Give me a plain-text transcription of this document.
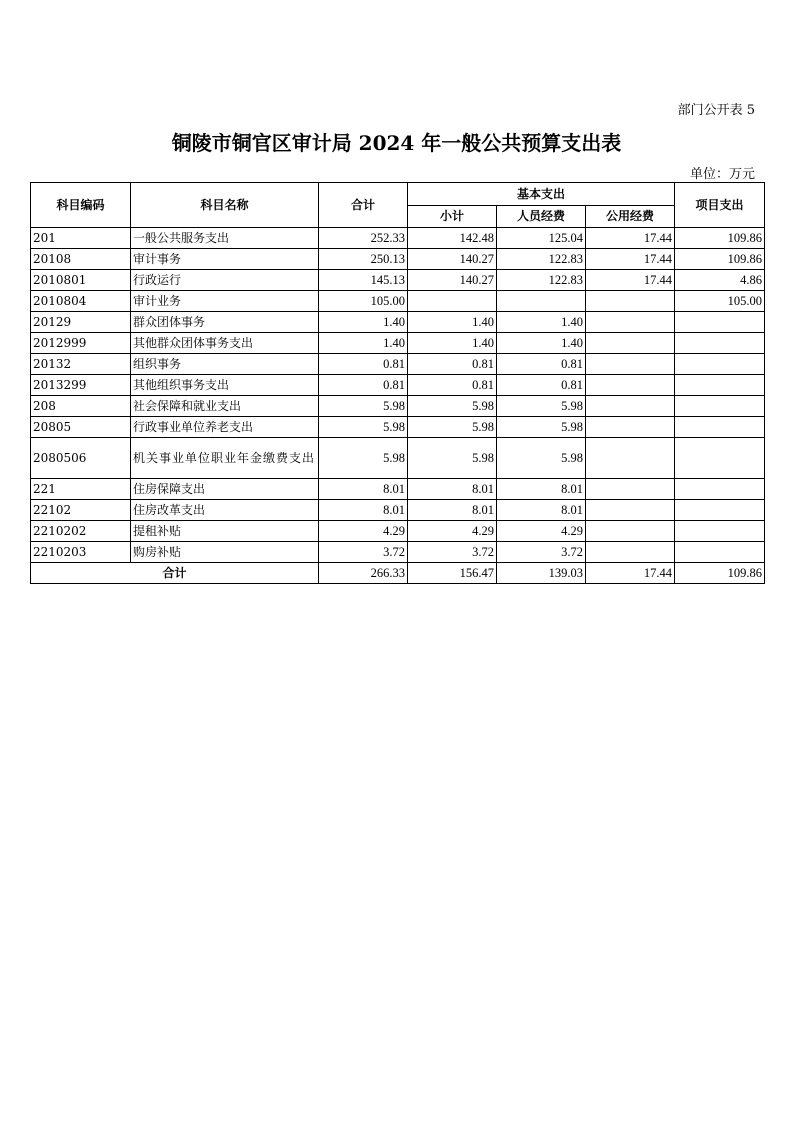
部门公开表 5
铜陵市铜官区审计局 2024 年一般公共预算支出表
单位：万元
科目编码	科目名称	合计	基本支出			项目支出
			小计	人员经费	公用经费	
201	一般公共服务支出	252.33	142.48	125.04	17.44	109.86
20108	审计事务	250.13	140.27	122.83	17.44	109.86
2010801	行政运行	145.13	140.27	122.83	17.44	4.86
2010804	审计业务	105.00				105.00
20129	群众团体事务	1.40	1.40	1.40		
2012999	其他群众团体事务支出	1.40	1.40	1.40		
20132	组织事务	0.81	0.81	0.81		
2013299	其他组织事务支出	0.81	0.81	0.81		
208	社会保障和就业支出	5.98	5.98	5.98		
20805	行政事业单位养老支出	5.98	5.98	5.98		
2080506	机关事业单位职业年金缴费支出	5.98	5.98	5.98		
221	住房保障支出	8.01	8.01	8.01		
22102	住房改革支出	8.01	8.01	8.01		
2210202	提租补贴	4.29	4.29	4.29		
2210203	购房补贴	3.72	3.72	3.72		
合计		266.33	156.47	139.03	17.44	109.86
